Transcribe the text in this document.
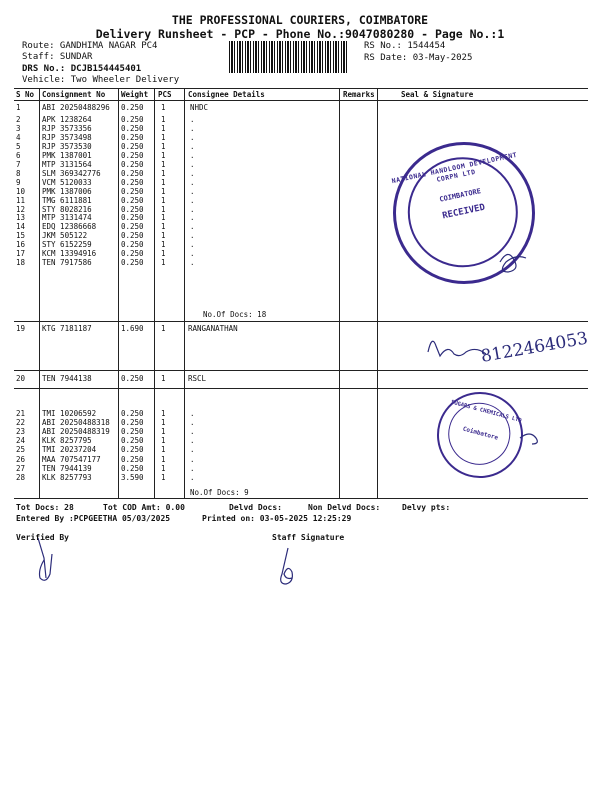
THE PROFESSIONAL COURIERS, COIMBATORE
Delivery Runsheet - PCP - Phone No.:9047080280 - Page No.:1
Route: GANDHIMA NAGAR PC4
Staff: SUNDAR
DRS No.: DCJB154445401
Vehicle: Two Wheeler Delivery
RS No.: 1544454
RS Date: 03-May-2025
S No Consignment No Weight PCS Consignee Details	Remarks	Seal & Signature
1	ABI 20250488296 0.250 1	NHDC
2	APK 1238264	0.250 1	.
3	RJP 3573356	0.250 1	.
4	RJP 3573498	0.250 1	.
5	RJP 3573530	0.250 1	.
6	PMK 1387001	0.250 1	.
7	MTP 3131564	0.250 1	.
8	SLM 369342776	0.250 1	.
9	VCM 5120033	0.250 1	.
10 PMK 1387006	0.250 1	.
11 TMG 6111881	0.250 1	.
12 STY 8028216	0.250 1	.
13 MTP 3131474	0.250 1	.
14 EDQ 12386668	0.250 1	.
15 JKM 505122	0.250 1	.
16 STY 6152259	0.250 1	.
17 KCM 13394916	0.250 1	.
18 TEN 7917586	0.250 1	.
No.Of Docs: 18
19 KTG 7181187	1.690 1	RANGANATHAN
20 TEN 7944138	0.250 1	RSCL
21 TMI 10206592	0.250 1	.
22 ABI 20250488318 0.250 1	.
23 ABI 20250488319 0.250 1	.
24 KLK 8257795	0.250 1	.
25 TMI 20237204	0.250 1	.
26 MAA 707547177	0.250 1	.
27 TEN 7944139	0.250 1	.
28 KLK 8257793	3.590 1	.
No.Of Docs: 9
NATIONAL HANDLOOM DEVELOPMENT CORPN LTD
COIMBATORE
RECEIVED
SUGARS & CHEMICALS LTD
Coimbatore
8122464053
Tot Docs: 28	Tot COD Amt: 0.00	Delvd Docs:	Non Delvd Docs:	Delvy pts:
Entered By :PCPGEETHA 05/03/2025	Printed on: 03-05-2025 12:25:29
Verified By	Staff Signature
